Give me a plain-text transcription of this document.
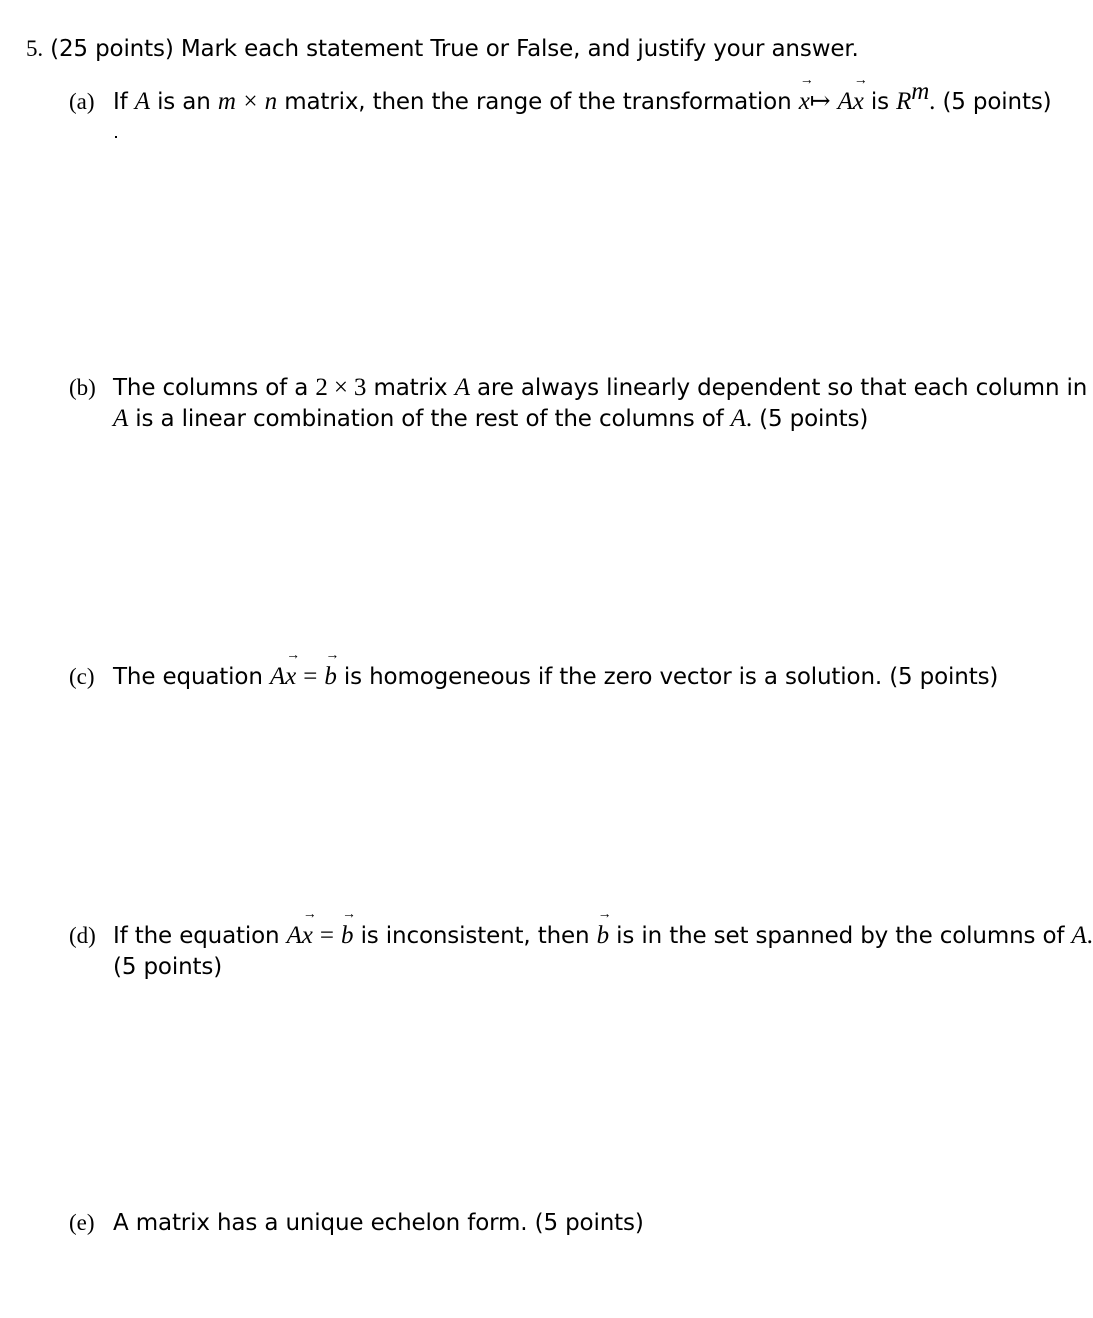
5. (25 points) Mark each statement True or False, and justify your answer.
(a) If A is an m × n matrix, then the range of the transformation x
→
↦ Ax
→
is $R^m$. (5 points)
(b) The columns of a 2 × 3 matrix A are always linearly dependent so that each column in
A is a linear combination of the rest of the columns of A. (5 points)
(c) The equation Ax
→
= b
→
is homogeneous if the zero vector is a solution. (5 points)
(d) If the equation Ax
→
= b
→
is inconsistent, then b
→
is in the set spanned by the columns of A.
(5 points)
(e) A matrix has a unique echelon form. (5 points)
